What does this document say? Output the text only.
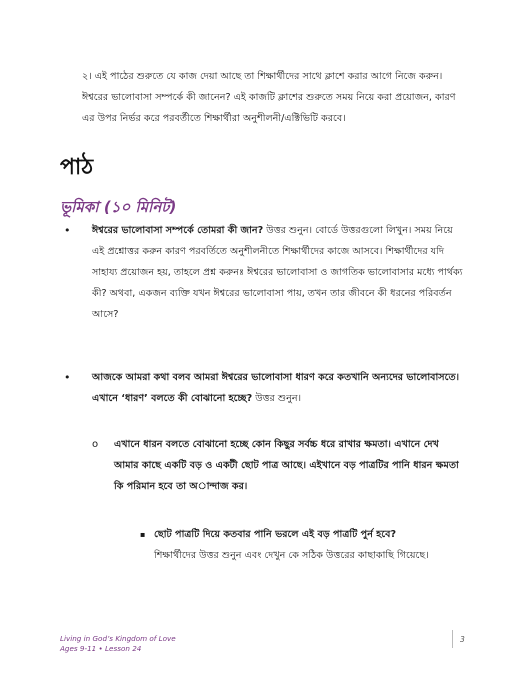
২। এই পাঠের শুরুতে যে কাজ দেয়া আছে তা শিক্ষার্থীদের সাথে ক্লাশে করার আগে নিজে করুন। ঈশ্বরের ভালোবাসা সম্পর্কে কী জানেন? এই কাজটি ক্লাশের শুরুতে সময় নিয়ে করা প্রয়োজন, কারণ এর উপর নির্ভর করে পরবর্তীতে শিক্ষার্থীরা অনুশীলনী/এক্টিভিটি করবে।

পাঠ
ভূমিকা (১০ মিনিট)
• ঈশ্বরের ভালোবাসা সম্পর্কে তোমরা কী জান? উত্তর শুনুন। বোর্ডে উত্তরগুলো লিখুন। সময় নিয়ে এই প্রশ্নোত্তর করুন কারণ পরবর্তিতে অনুশীলনীতে শিক্ষার্থীদের কাজে আসবে। শিক্ষার্থীদের যদি সাহায্য প্রয়োজন হয়, তাহলে প্রশ্ন করুনঃ ঈশ্বরের ভালোবাসা ও জাগতিক ভালোবাসার মধ্যে পার্থক্য কী? অথবা, একজন ব্যক্তি যখন ঈশ্বরের ভালোবাসা পায়, তখন তার জীবনে কী ধরনের পরিবর্তন আসে?

• আজকে আমরা কথা বলব আমরা ঈশ্বরের ভালোবাসা ধারণ করে কতখানি অন্যদের ভালোবাসতে। এখানে ‘ধারণ’ বলতে কী বোঝানো হচ্ছে? উত্তর শুনুন।

o এখানে ধারন বলতে বোঝানো হচ্ছে কোন কিছুর সর্বচ্চ ধরে রাখার ক্ষমতা। এখানে দেখ আমার কাছে একটি বড় ও একটী ছোট পাত্র আছে। এইখানে বড় পাত্রটির পানি ধারন ক্ষমতা কি পরিমান হবে তা অান্দাজ কর।

▪ ছোট পাত্রটি দিয়ে কতবার পানি ভরলে এই বড় পাত্রটি পুর্ন হবে?

শিক্ষার্থীদের উত্তর শুনুন এবং দেখুন কে সঠিক উত্তরের কাছাকাছি গিয়েছে।

Living in God’s Kingdom of Love
Ages 9-11 • Lesson 24
3
